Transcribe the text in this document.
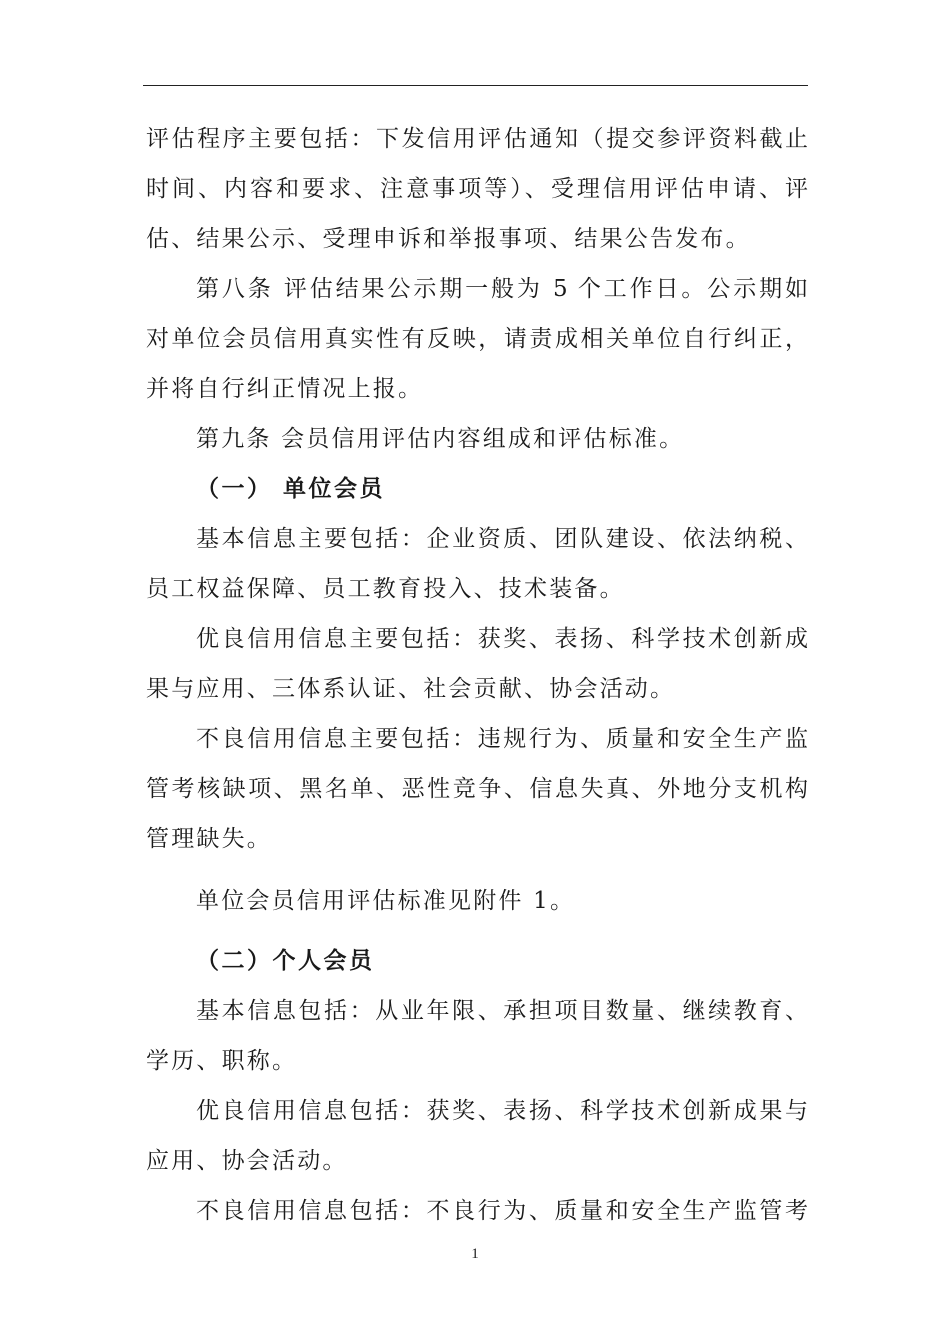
评估程序主要包括：下发信用评估通知（提交参评资料截止
时间、内容和要求、注意事项等）、受理信用评估申请、评
估、结果公示、受理申诉和举报事项、结果公告发布。
第八条 评估结果公示期一般为 5 个工作日。公示期如
对单位会员信用真实性有反映，请责成相关单位自行纠正，
并将自行纠正情况上报。
第九条 会员信用评估内容组成和评估标准。
（一） 单位会员
基本信息主要包括：企业资质、团队建设、依法纳税、
员工权益保障、员工教育投入、技术装备。
优良信用信息主要包括：获奖、表扬、科学技术创新成
果与应用、三体系认证、社会贡献、协会活动。
不良信用信息主要包括：违规行为、质量和安全生产监
管考核缺项、黑名单、恶性竞争、信息失真、外地分支机构
管理缺失。
单位会员信用评估标准见附件 1。
（二）个人会员
基本信息包括：从业年限、承担项目数量、继续教育、
学历、职称。
优良信用信息包括：获奖、表扬、科学技术创新成果与
应用、协会活动。
不良信用信息包括：不良行为、质量和安全生产监管考
1
